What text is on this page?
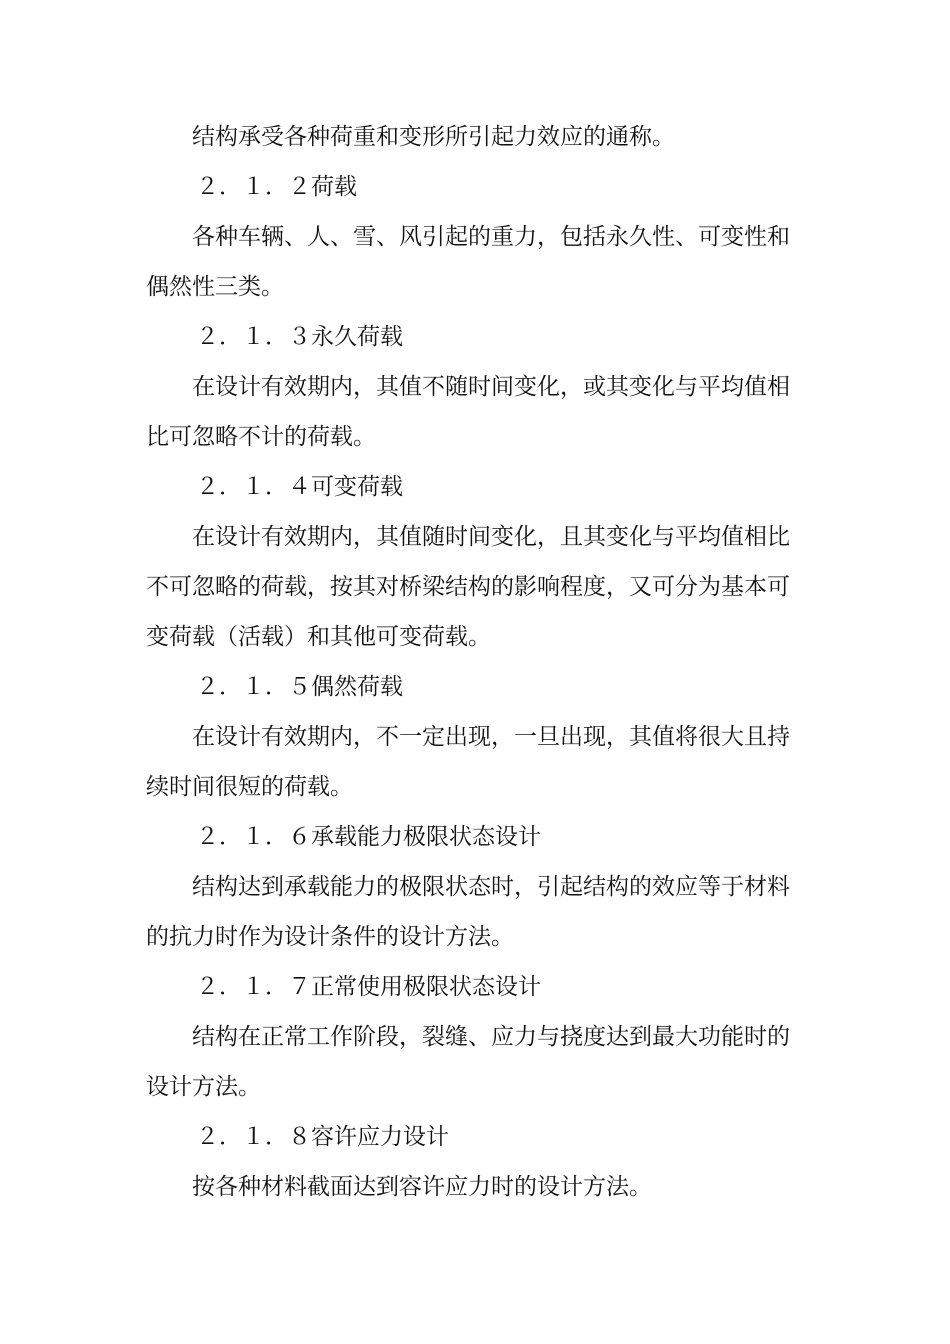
结构承受各种荷重和变形所引起力效应的通称。
２．１．２荷载
各种车辆、人、雪、风引起的重力，包括永久性、可变性和
偶然性三类。
２．１．３永久荷载
在设计有效期内，其值不随时间变化，或其变化与平均值相
比可忽略不计的荷载。
２．１．４可变荷载
在设计有效期内，其值随时间变化，且其变化与平均值相比
不可忽略的荷载，按其对桥梁结构的影响程度，又可分为基本可
变荷载（活载）和其他可变荷载。
２．１．５偶然荷载
在设计有效期内，不一定出现，一旦出现，其值将很大且持
续时间很短的荷载。
２．１．６承载能力极限状态设计
结构达到承载能力的极限状态时，引起结构的效应等于材料
的抗力时作为设计条件的设计方法。
２．１．７正常使用极限状态设计
结构在正常工作阶段，裂缝、应力与挠度达到最大功能时的
设计方法。
２．１．８容许应力设计
按各种材料截面达到容许应力时的设计方法。
